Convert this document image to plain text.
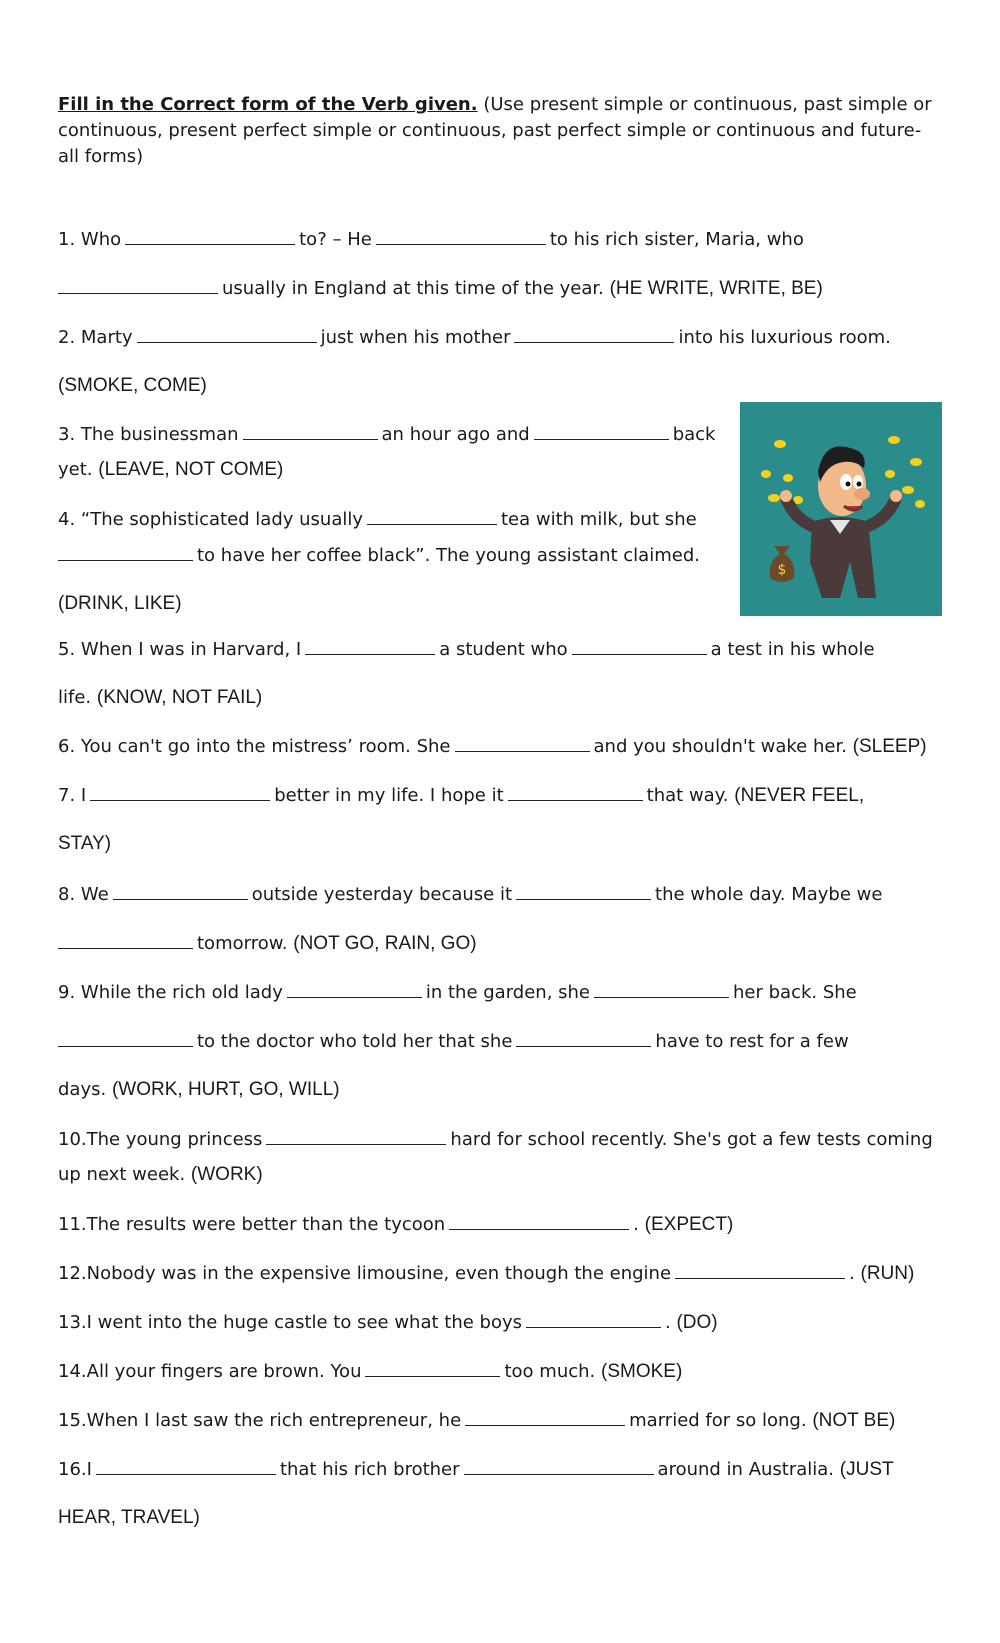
Fill in the Correct form of the Verb given. (Use present simple or continuous, past simple or continuous, present perfect simple or continuous, past perfect simple or continuous and future- all forms)

1. Who	to? – He	to his rich sister, Maria, who
usually in England at this time of the year. (HE WRITE, WRITE, BE)
2. Marty	just when his mother	into his luxurious room.
(SMOKE, COME)
3. The businessman	an hour ago and	back
yet. (LEAVE, NOT COME)
4. “The sophisticated lady usually	tea with milk, but she
to have her coffee black”. The young assistant claimed.
(DRINK, LIKE)
$
5. When I was in Harvard, I	a student who	a test in his whole
life. (KNOW, NOT FAIL)
6. You can't go into the mistress’ room. She	and you shouldn't wake her. (SLEEP)
7. I	better in my life. I hope it	that way. (NEVER FEEL,
STAY)
8. We	outside yesterday because it	the whole day. Maybe we
tomorrow. (NOT GO, RAIN, GO)
9. While the rich old lady	in the garden, she	her back. She
to the doctor who told her that she	have to rest for a few
days. (WORK, HURT, GO, WILL)
10.The young princess	hard for school recently. She's got a few tests coming
up next week. (WORK)
11.The results were better than the tycoon	. (EXPECT)
12.Nobody was in the expensive limousine, even though the engine	. (RUN)
13.I went into the huge castle to see what the boys	. (DO)
14.All your fingers are brown. You	too much. (SMOKE)
15.When I last saw the rich entrepreneur, he	married for so long. (NOT BE)
16.I	that his rich brother	around in Australia. (JUST
HEAR, TRAVEL)
